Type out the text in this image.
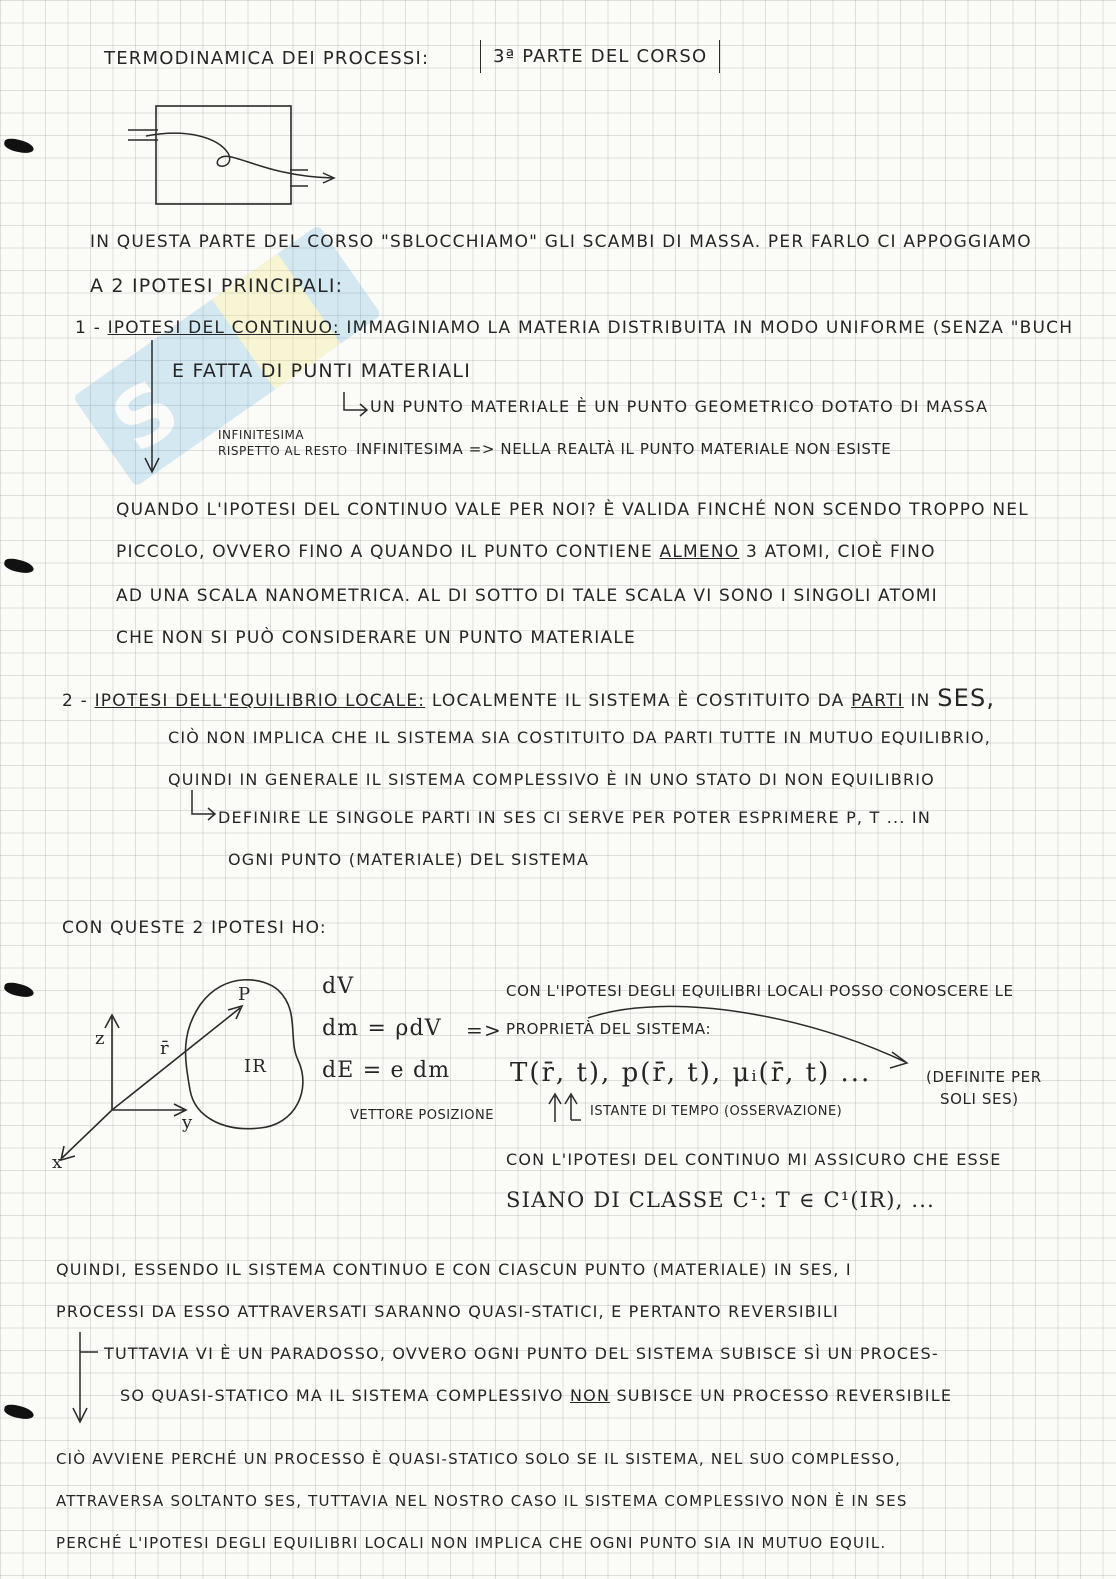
S
TERMODINAMICA DEI PROCESSI:	3ª PARTE DEL CORSO
IN QUESTA PARTE DEL CORSO "SBLOCCHIAMO" GLI SCAMBI DI MASSA. PER FARLO CI APPOGGIAMO
A 2 IPOTESI PRINCIPALI:
1 - IPOTESI DEL CONTINUO: IMMAGINIAMO LA MATERIA DISTRIBUITA IN MODO UNIFORME (SENZA "BUCH
E FATTA DI PUNTI MATERIALI
UN PUNTO MATERIALE È UN PUNTO GEOMETRICO DOTATO DI MASSA
INFINITESIMA
RISPETTO AL RESTO INFINITESIMA => NELLA REALTÀ IL PUNTO MATERIALE NON ESISTE
QUANDO L'IPOTESI DEL CONTINUO VALE PER NOI? È VALIDA FINCHÉ NON SCENDO TROPPO NEL
PICCOLO, OVVERO FINO A QUANDO IL PUNTO CONTIENE ALMENO 3 ATOMI, CIOÈ FINO
AD UNA SCALA NANOMETRICA. AL DI SOTTO DI TALE SCALA VI SONO I SINGOLI ATOMI
CHE NON SI PUÒ CONSIDERARE UN PUNTO MATERIALE
2 - IPOTESI DELL'EQUILIBRIO LOCALE: LOCALMENTE IL SISTEMA È COSTITUITO DA PARTI IN SES,
CIÒ NON IMPLICA CHE IL SISTEMA SIA COSTITUITO DA PARTI TUTTE IN MUTUO EQUILIBRIO,
QUINDI IN GENERALE IL SISTEMA COMPLESSIVO È IN UNO STATO DI NON EQUILIBRIO
DEFINIRE LE SINGOLE PARTI IN SES CI SERVE PER POTER ESPRIMERE P, T ... IN
OGNI PUNTO (MATERIALE) DEL SISTEMA
CON QUESTE 2 IPOTESI HO:
z
y
x
P
r̄
IR
dV
dm = ρdV
dE = e dm
=>
CON L'IPOTESI DEGLI EQUILIBRI LOCALI POSSO CONOSCERE LE
PROPRIETÀ DEL SISTEMA:
T(r̄, t), p(r̄, t), μᵢ(r̄, t) ...	(DEFINITE PER
SOLI SES)
VETTORE POSIZIONE	ISTANTE DI TEMPO (OSSERVAZIONE)
CON L'IPOTESI DEL CONTINUO MI ASSICURO CHE ESSE
SIANO DI CLASSE C¹: T ∈ C¹(IR), ...
QUINDI, ESSENDO IL SISTEMA CONTINUO E CON CIASCUN PUNTO (MATERIALE) IN SES, I
PROCESSI DA ESSO ATTRAVERSATI SARANNO QUASI-STATICI, E PERTANTO REVERSIBILI
TUTTAVIA VI È UN PARADOSSO, OVVERO OGNI PUNTO DEL SISTEMA SUBISCE SÌ UN PROCES-
SO QUASI-STATICO MA IL SISTEMA COMPLESSIVO NON SUBISCE UN PROCESSO REVERSIBILE
CIÒ AVVIENE PERCHÉ UN PROCESSO È QUASI-STATICO SOLO SE IL SISTEMA, NEL SUO COMPLESSO,
ATTRAVERSA SOLTANTO SES, TUTTAVIA NEL NOSTRO CASO IL SISTEMA COMPLESSIVO NON È IN SES
PERCHÉ L'IPOTESI DEGLI EQUILIBRI LOCALI NON IMPLICA CHE OGNI PUNTO SIA IN MUTUO EQUIL.
